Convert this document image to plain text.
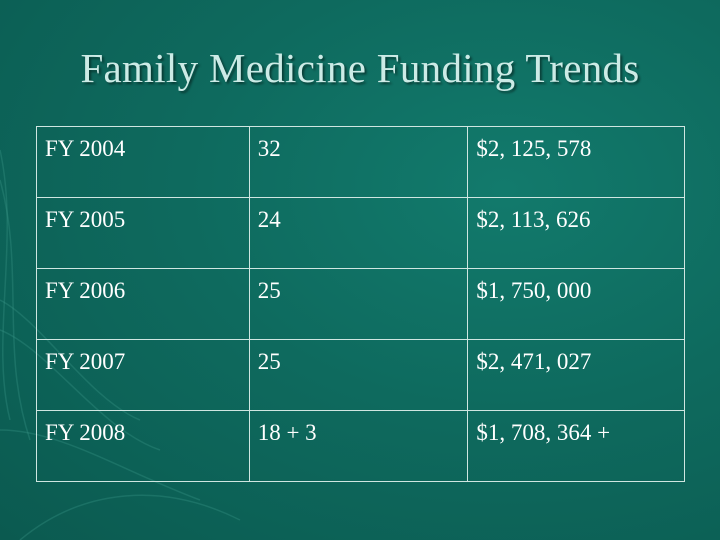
Family Medicine Funding Trends
FY 2004	32	$2, 125, 578
FY 2005	24	$2, 113, 626
FY 2006	25	$1, 750, 000
FY 2007	25	$2, 471, 027
FY 2008	18 + 3	$1, 708, 364 +
